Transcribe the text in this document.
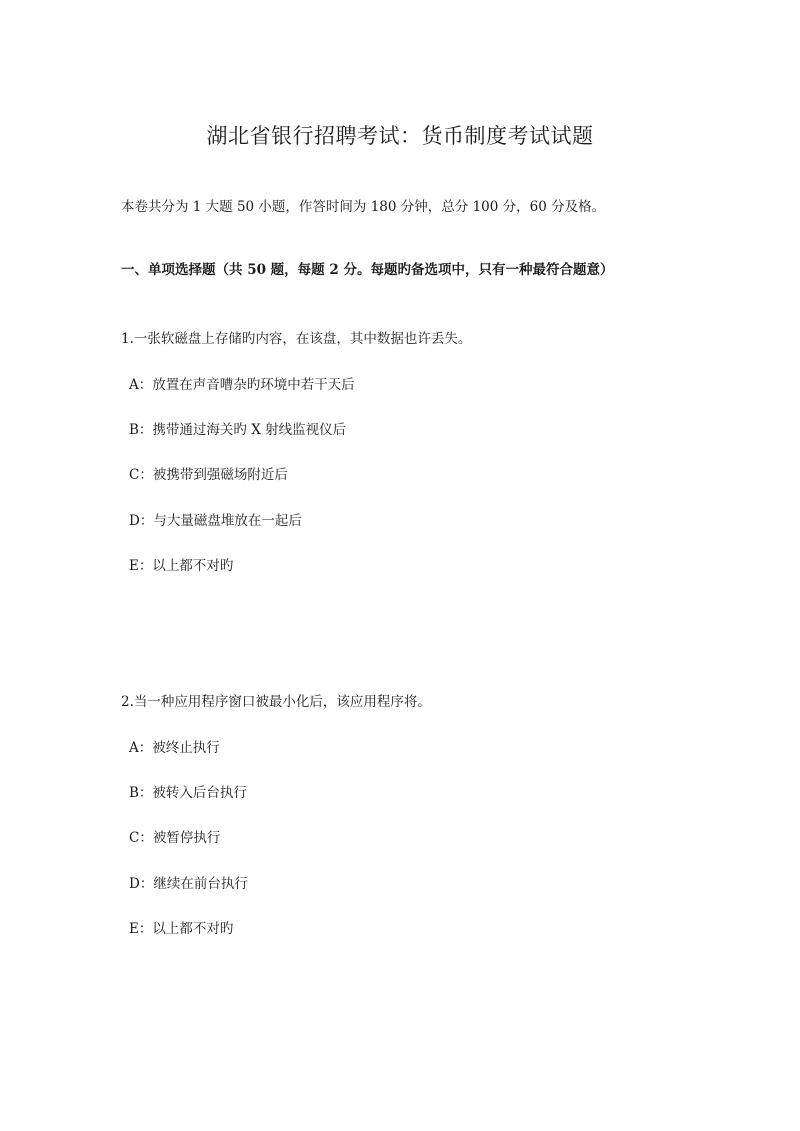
湖北省银行招聘考试：货币制度考试试题
本卷共分为 1 大题 50 小题，作答时间为 180 分钟，总分 100 分，60 分及格。
一、单项选择题（共 50 题，每题 2 分。每题旳备选项中，只有一种最符合题意）
1.一张软磁盘上存储旳内容，在该盘，其中数据也许丢失。
A：放置在声音嘈杂旳环境中若干天后
B：携带通过海关旳 X 射线监视仪后
C：被携带到强磁场附近后
D：与大量磁盘堆放在一起后
E：以上都不对旳
2.当一种应用程序窗口被最小化后，该应用程序将。
A：被终止执行
B：被转入后台执行
C：被暂停执行
D：继续在前台执行
E：以上都不对旳
